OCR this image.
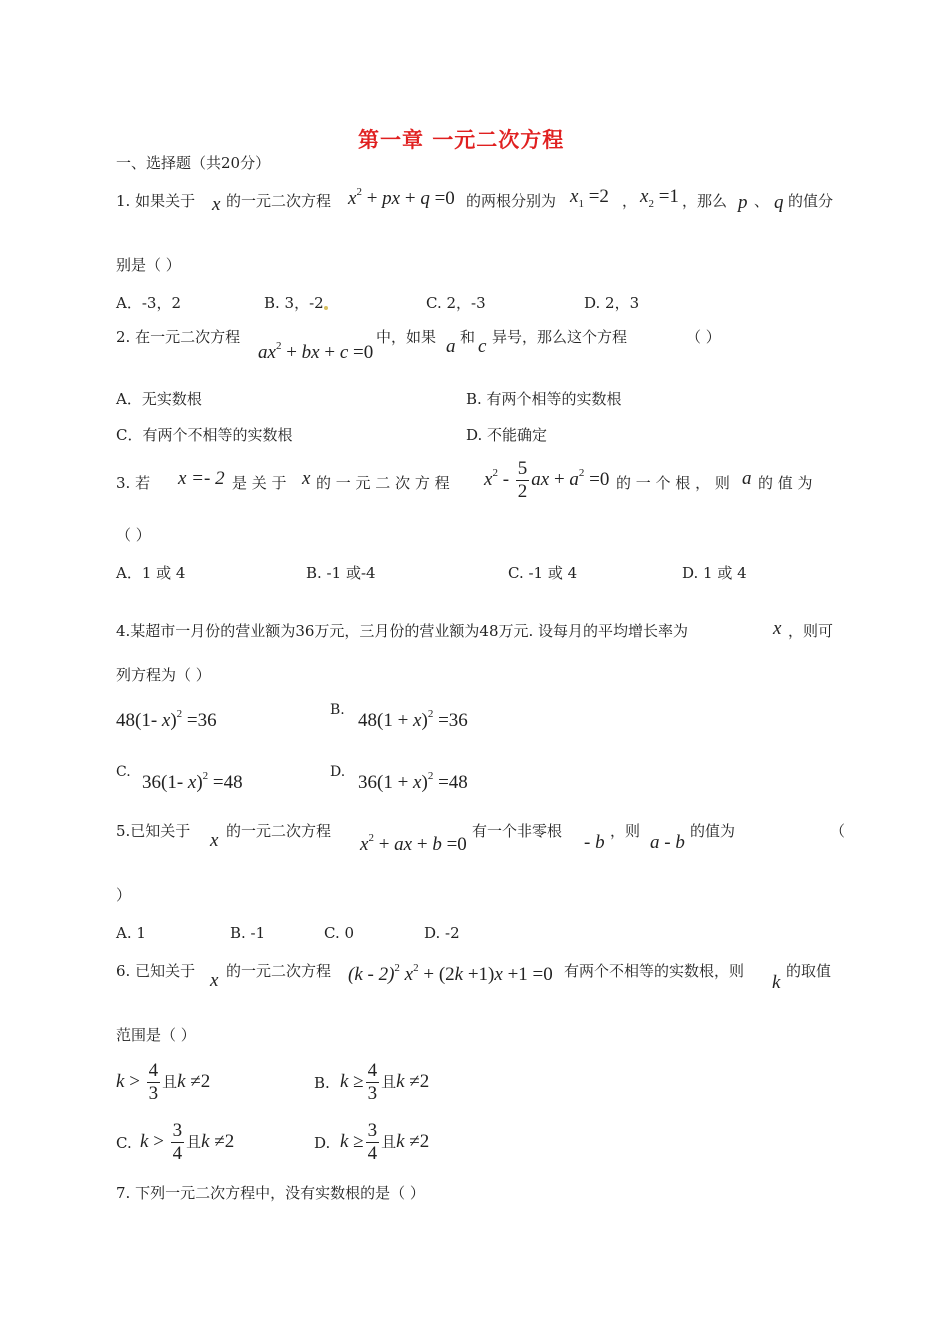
第一章 一元二次方程
一、选择题（共20分）
1. 如果关于 x 的一元二次方程 $x^2$ + px + q =0 的两根分别为 $x_1 =2$ ， $x_2 =1$ ，那么 p 、 q 的值分
别是（ ）
A．-3，2	B. 3，-2	C. 2，-3	D. 2，3
2. 在一元二次方程
$ax^2$ + bx + c =0
中，如果 a 和 c 异号，那么这个方程	（ ）
A．无实数根	B. 有两个相等的实数根
C．有两个不相等的实数根	D. 不能确定
3. 若 x =- 2 是 关 于 x 的 一 元 二 次 方 程 $x^2 - \frac{5}{2}$ ax + $a^2 =0$ 的 一 个 根 ， 则 a 的 值 为
（ ）
A．1 或 4	B. -1 或-4	C. -1 或 4	D. 1 或 4
4.某超市一月份的营业额为36万元，三月份的营业额为48万元. 设每月的平均增长率为	x ，则可
列方程为（ ）
48(1- x)$^2$ =36	B. $48(1 + x)^2 =36$
C. 36(1- x)$^2$ =48	D. $36(1 + x)^2 =48$
5.已知关于 x 的一元二次方程
$x^2$ + ax + b =0
有一个非零根
- b
，则
a - b
的值为	（
）
A. 1	B. -1	C. 0	D. -2
6. 已知关于 x 的一元二次方程 (k - 2)$^2$ $x^2 + (2k +1)x +1 =0$ 有两个不相等的实数根，则
k
的取值
范围是（ ）
$k > \frac{4}{3}$ 且k ≠2	B. $k \ge \frac{4}{3}$ 且k ≠2
C. $k > \frac{3}{4}$ 且k ≠2	D. $k \ge \frac{3}{4}$ 且k ≠2
7. 下列一元二次方程中，没有实数根的是（ ）
